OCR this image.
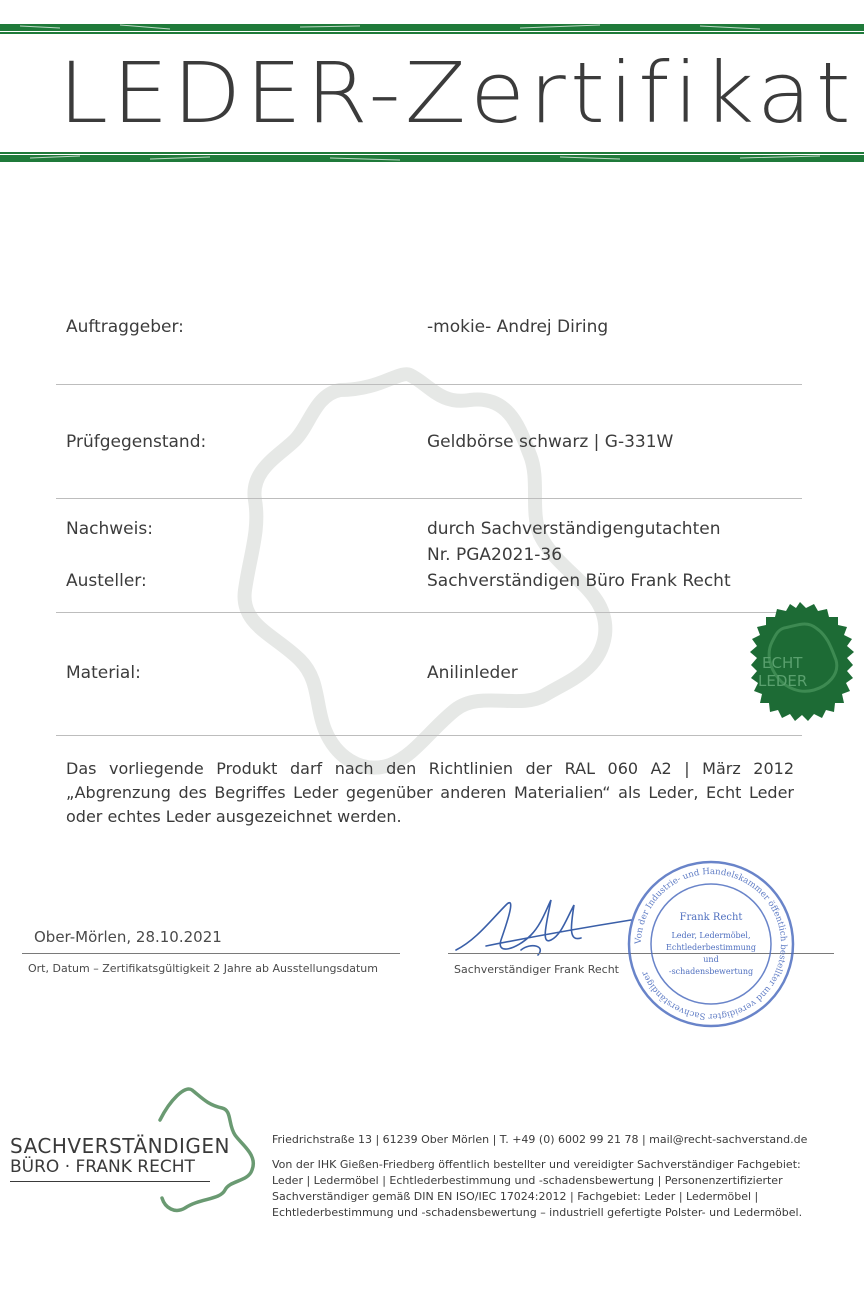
LEDER-Zertifikat
Auftraggeber:	-mokie- Andrej Diring
Prüfgegenstand:	Geldbörse schwarz | G-331W
Nachweis:	durch Sachverständigengutachten
Nr. PGA2021-36
Austeller:	Sachverständigen Büro Frank Recht
Material:	Anilinleder	ECHT
LEDER
Das vorliegende Produkt darf nach den Richtlinien der RAL 060 A2 | März 2012 „Abgrenzung des Begriffes Leder gegenüber anderen Materialien“ als Leder, Echt Leder oder echtes Leder ausgezeichnet werden.
Ober-Mörlen, 28.10.2021
Ort, Datum – Zertifikatsgültigkeit 2 Jahre ab Ausstellungsdatum	Sachverständiger Frank Recht
Von der Industrie- und Handelskammer öffentlich bestellter und vereidigter Sachverständiger
Frank Recht
Leder, Ledermöbel,
Echtlederbestimmung
und
-schadensbewertung
SACHVERSTÄNDIGEN
BÜRO · FRANK RECHT
Friedrichstraße 13 | 61239 Ober Mörlen | T. +49 (0) 6002 99 21 78 | mail@recht-sachverstand.de
Von der IHK Gießen-Friedberg öffentlich bestellter und vereidigter Sachverständiger Fachgebiet: Leder | Ledermöbel | Echtlederbestimmung und -schadensbewertung | Personenzertifizierter Sachverständiger gemäß DIN EN ISO/IEC 17024:2012 | Fachgebiet: Leder | Ledermöbel | Echtlederbestimmung und -schadensbewertung – industriell gefertigte Polster- und Ledermöbel.
